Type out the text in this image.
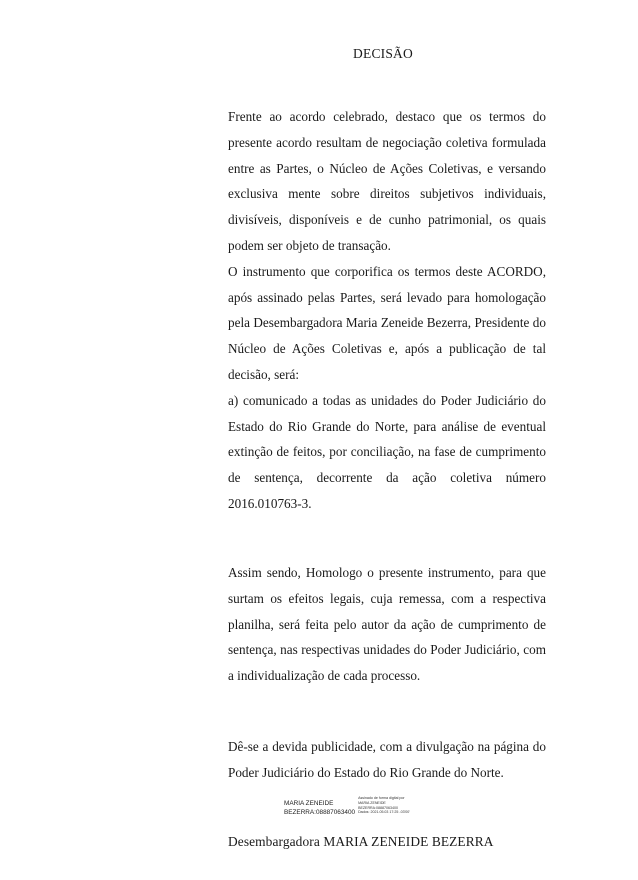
DECISÃO

Frente ao acordo celebrado, destaco que os termos do presente acordo resultam de negociação coletiva formulada entre as Partes, o Núcleo de Ações Coletivas, e versando exclusiva mente sobre direitos subjetivos individuais, divisíveis, disponíveis e de cunho patrimonial, os quais podem ser objeto de transação.

O instrumento que corporifica os termos deste ACORDO, após assinado pelas Partes, será levado para homologação pela Desembargadora Maria Zeneide Bezerra, Presidente do Núcleo de Ações Coletivas e, após a publicação de tal decisão, será:

a) comunicado a todas as unidades do Poder Judiciário do Estado do Rio Grande do Norte, para análise de eventual extinção de feitos, por conciliação, na fase de cumprimento de sentença, decorrente da ação coletiva número 2016.010763-3.

Assim sendo, Homologo o presente instrumento, para que surtam os efeitos legais, cuja remessa, com a respectiva planilha, será feita pelo autor da ação de cumprimento de sentença, nas respectivas unidades do Poder Judiciário, com a individualização de cada processo.

Dê-se a devida publicidade, com a divulgação na página do Poder Judiciário do Estado do Rio Grande do Norte.

MARIA ZENEIDE
BEZERRA:08887063400
Assinado de forma digital por
MARIA ZENEIDE
BEZERRA:08887063400
Dados: 2021.05.03 17:25 -03'00'
Desembargadora MARIA ZENEIDE BEZERRA
